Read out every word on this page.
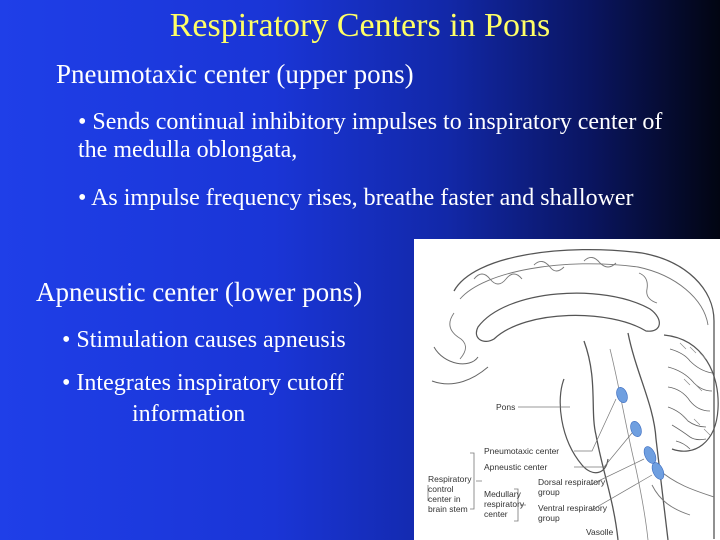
Respiratory Centers in Pons
Pneumotaxic center (upper pons)
• Sends continual inhibitory impulses to inspiratory center of the medulla oblongata,
• As impulse frequency rises, breathe faster and shallower
Apneustic center (lower pons)
• Stimulation causes apneusis
• Integrates inspiratory cutoff
information	Pons
Pneumotaxic center
Apneustic center
Respiratory
control
center in
brain stem
Medullary
respiratory
center
Dorsal respiratory
group
Ventral respiratory
group
Vasolle
